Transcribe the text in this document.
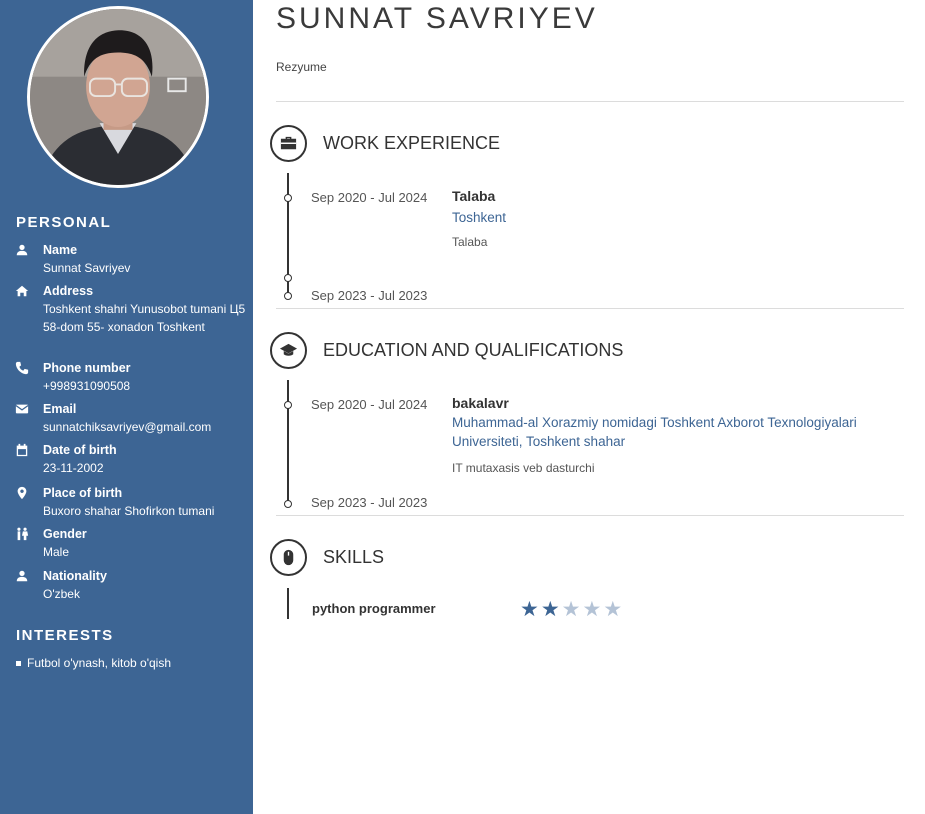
PERSONAL
Name
Sunnat Savriyev
Address
Toshkent shahri Yunusobot tumani Ц5 58-dom 55- xonadon Toshkent
Phone number
+998931090508
Email
sunnatchiksavriyev@gmail.com
Date of birth
23-11-2002
Place of birth
Buxoro shahar Shofirkon tumani
Gender
Male
Nationality
O'zbek
INTERESTS
Futbol o'ynash, kitob o'qish
SUNNAT SAVRIYEV
Rezyume
WORK EXPERIENCE
Sep 2020 - Jul 2024 Talaba
Toshkent
Talaba
Sep 2023 - Jul 2023
EDUCATION AND QUALIFICATIONS
Sep 2020 - Jul 2024 bakalavr
Muhammad-al Xorazmiy nomidagi Toshkent Axborot Texnologiyalari Universiteti, Toshkent shahar
IT mutaxasis veb dasturchi
Sep 2023 - Jul 2023
SKILLS
python programmer	★★★★★
